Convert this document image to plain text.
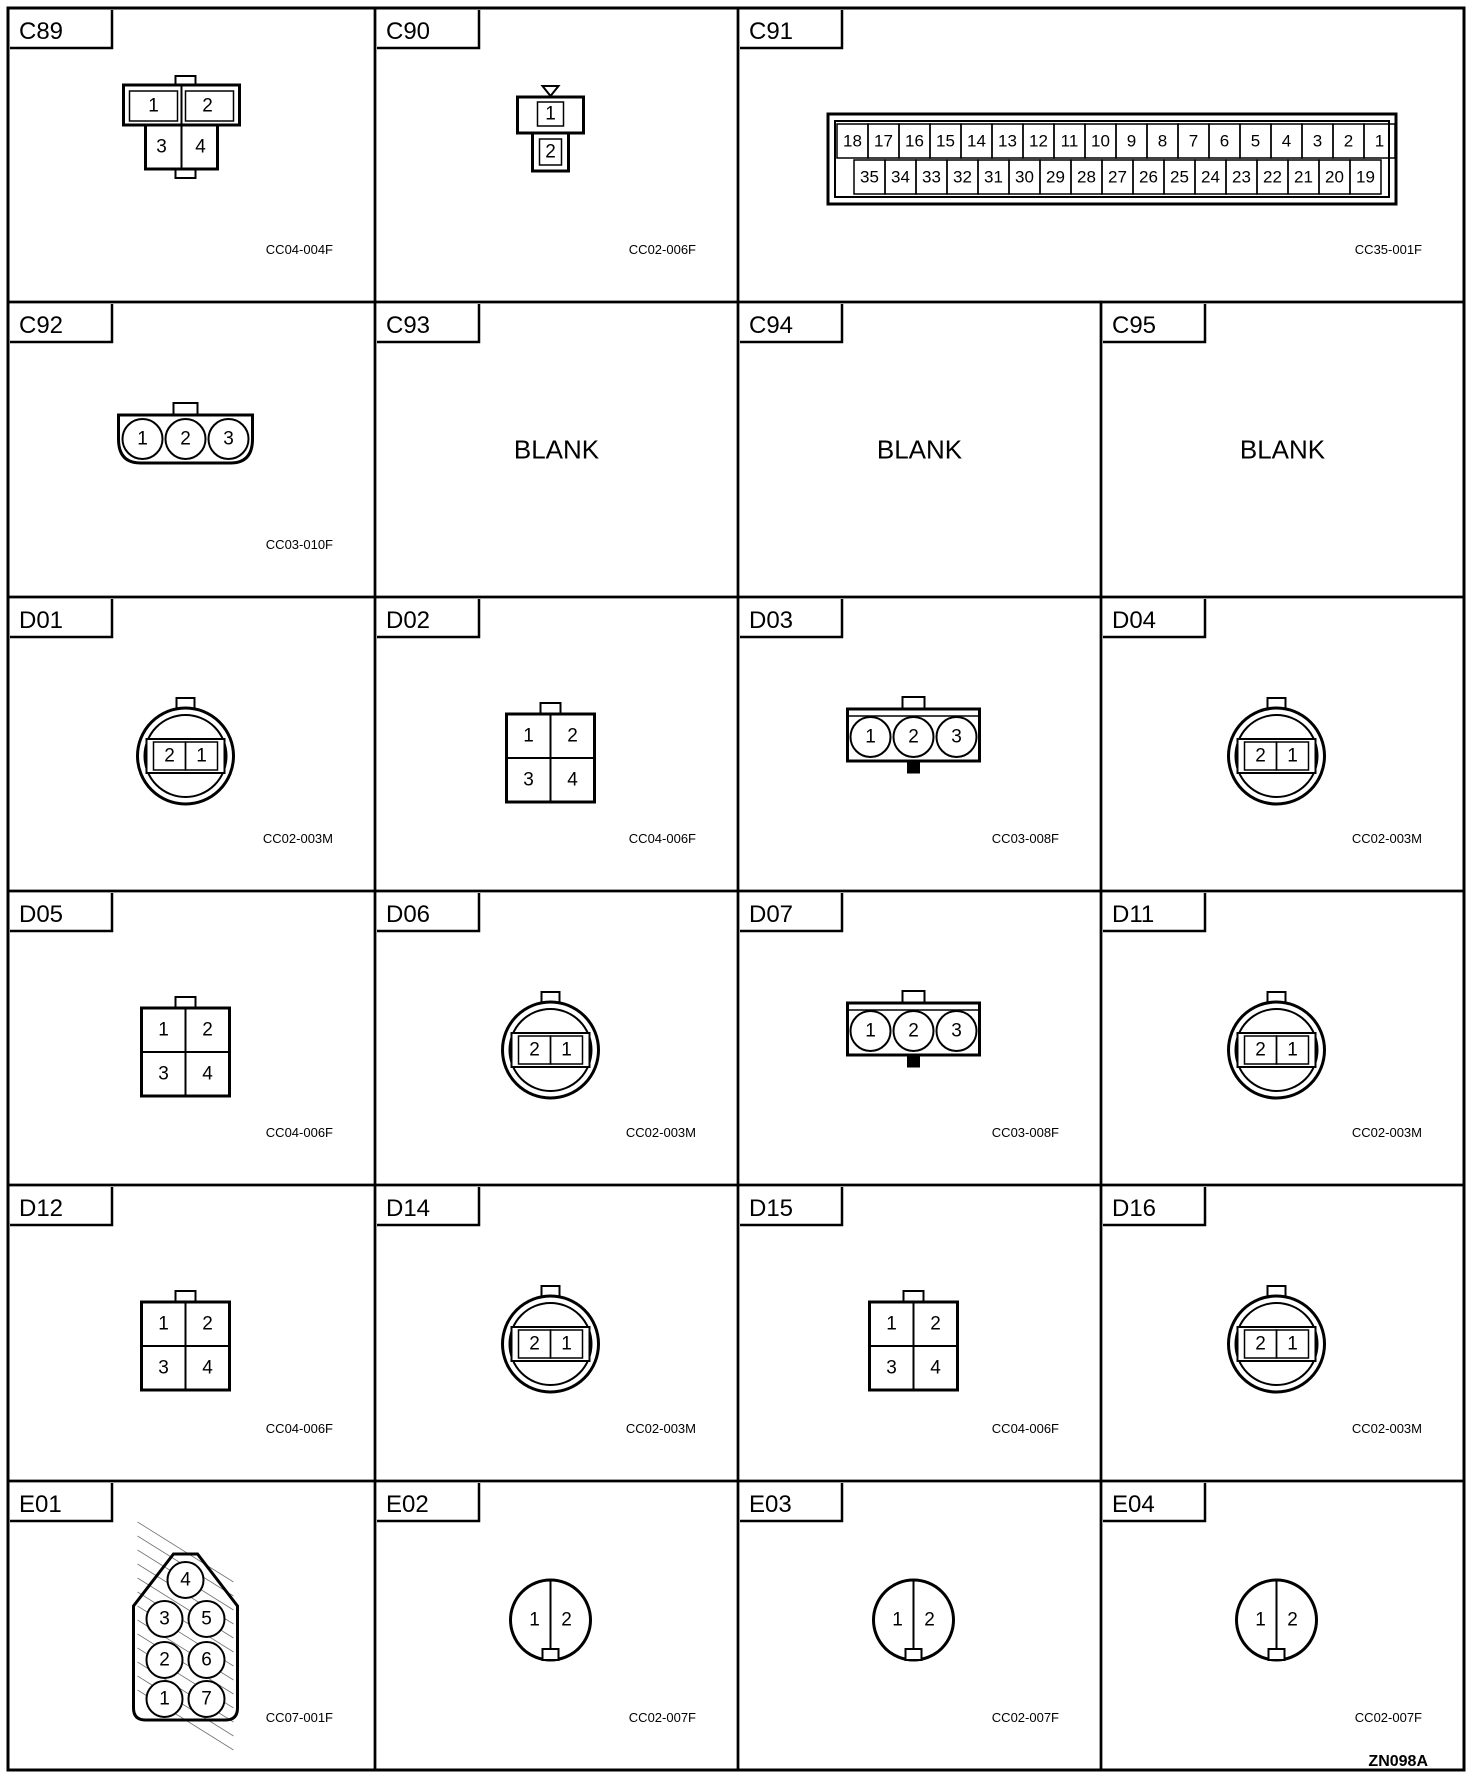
C89
1 2
3 4
CC04-004F
C90
1
2
CC02-006F
C91
18 17 16 15 14 13 12 11 10 9 8 7 6 5 4 3 2 1
35 34 33 32 31 30 29 28 27 26 25 24 23 22 21 20 19
CC35-001F
C92
1 2 3
CC03-010F
C93
BLANK
C94
BLANK
C95
BLANK
D01
2 1
CC02-003M
D02
1 2
3 4
CC04-006F
D03
1 2 3
CC03-008F
D04
2 1
CC02-003M
D05
1 2
3 4
CC04-006F
D06
2 1
CC02-003M
D07
1 2 3
CC03-008F
D11
2 1
CC02-003M
D12
1 2
3 4
CC04-006F
D14
2 1
CC02-003M
D15
1 2
3 4
CC04-006F
D16
2 1
CC02-003M
E01
4
3 5
2 6
1 7
CC07-001F
E02
1 2
CC02-007F
E03
1 2
CC02-007F
E04
1 2
CC02-007F
ZN098A
